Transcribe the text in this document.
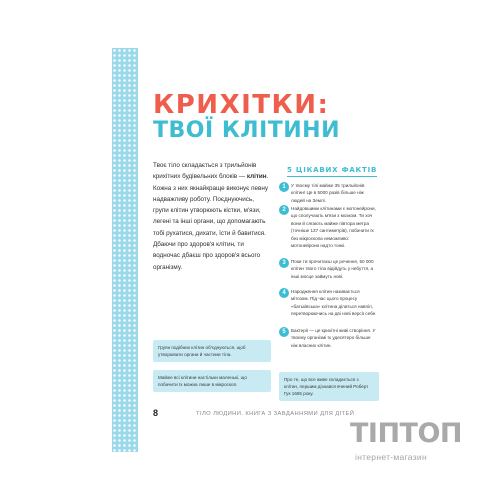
КРИХІТКИ:
ТВОЇ КЛІТИНИ
Твоє тіло складається з трильйонів крихітних будівельних блоків — клітин. Кожна з них якнайкраще виконує певну надважливу роботу. Поєднуючись, групи клітин утворюють кістки, м'язи, легені та інші органи, що допомагають тобі рухатися, дихати, їсти й бавитися. Дбаючи про здоров'я клітин, ти водночас дбаєш про здоров'я всього організму.
5 ЦІКАВИХ ФАКТІВ
1	У твоєму тілі майже 35 трильйонів клітин! Це в 5000 разів більше ніж людей на Землі.
2	Найдовшими клітинами є мотонейрони, що сполучають м'язи з мозком. Ти хоч вони й сягають майже півтора метра (точніше 137 сантиметрів), побачити їх без мікроскопа неможливо: мотонейрони надто тонкі.
3	Поки ти прочитаєш це речення, 50 000 клітин твого тіла відійдуть у небуття, а інші мосце займуть нові.
4	Народження клітин називається мітозом. Під час цього процесу «батьківська» клітина ділиться навпіл, перетворюючись на дві нові версії себе.
5	Бактерії — це крихітні живі створіння. У твоєму організмі їх удесятеро більше ніж власних клітин.
Групи подібних клітин об'єднуються, щоб утворювати органи й частини тіла.
Майже всі клітини настільки маленькі, що побачити їх можна лише в мікроскоп.
Про те, що все живе складається з клітин, першим дізнався вчений Роберт Гук 1665 року.
8	ТІЛО ЛЮДИНИ. КНИГА З ЗАВДАННЯМИ ДЛЯ ДІТЕЙ
ТІПТОП
інтернет-магазин
